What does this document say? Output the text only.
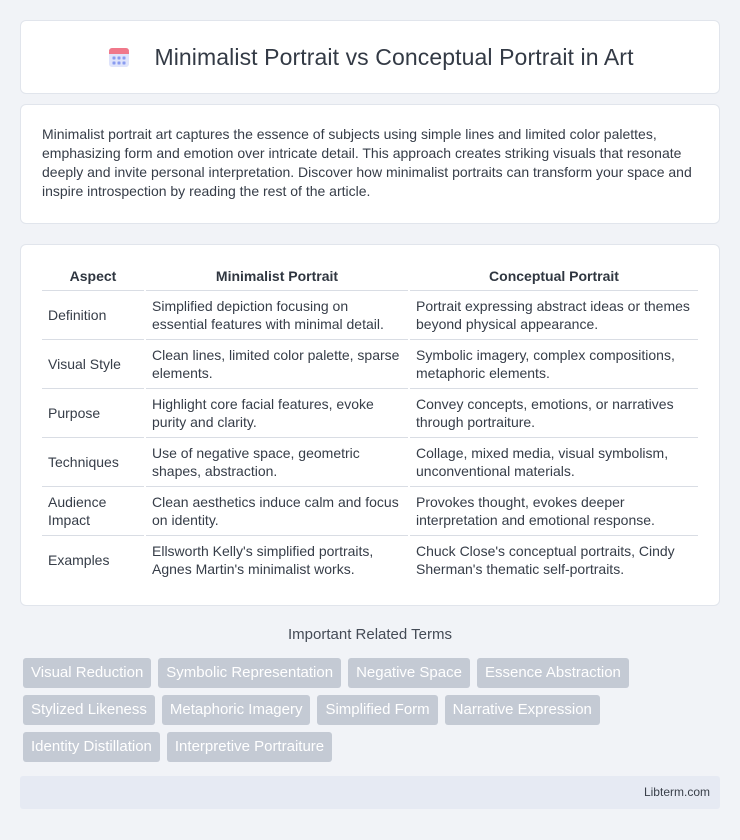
Minimalist Portrait vs Conceptual Portrait in Art

Minimalist portrait art captures the essence of subjects using simple lines and limited color palettes, emphasizing form and emotion over intricate detail. This approach creates striking visuals that resonate deeply and invite personal interpretation. Discover how minimalist portraits can transform your space and inspire introspection by reading the rest of the article.

Aspect	Minimalist Portrait	Conceptual Portrait
Definition	Simplified depiction focusing on essential features with minimal detail.	Portrait expressing abstract ideas or themes beyond physical appearance.
Visual Style	Clean lines, limited color palette, sparse elements.	Symbolic imagery, complex compositions, metaphoric elements.
Purpose	Highlight core facial features, evoke purity and clarity.	Convey concepts, emotions, or narratives through portraiture.
Techniques	Use of negative space, geometric shapes, abstraction.	Collage, mixed media, visual symbolism, unconventional materials.
Audience Impact	Clean aesthetics induce calm and focus on identity.	Provokes thought, evokes deeper interpretation and emotional response.
Examples	Ellsworth Kelly's simplified portraits, Agnes Martin's minimalist works.	Chuck Close's conceptual portraits, Cindy Sherman's thematic self-portraits.
Important Related Terms
Visual Reduction	Symbolic Representation	Negative Space	Essence Abstraction
Stylized Likeness	Metaphoric Imagery	Simplified Form	Narrative Expression
Identity Distillation	Interpretive Portraiture
Libterm.com
